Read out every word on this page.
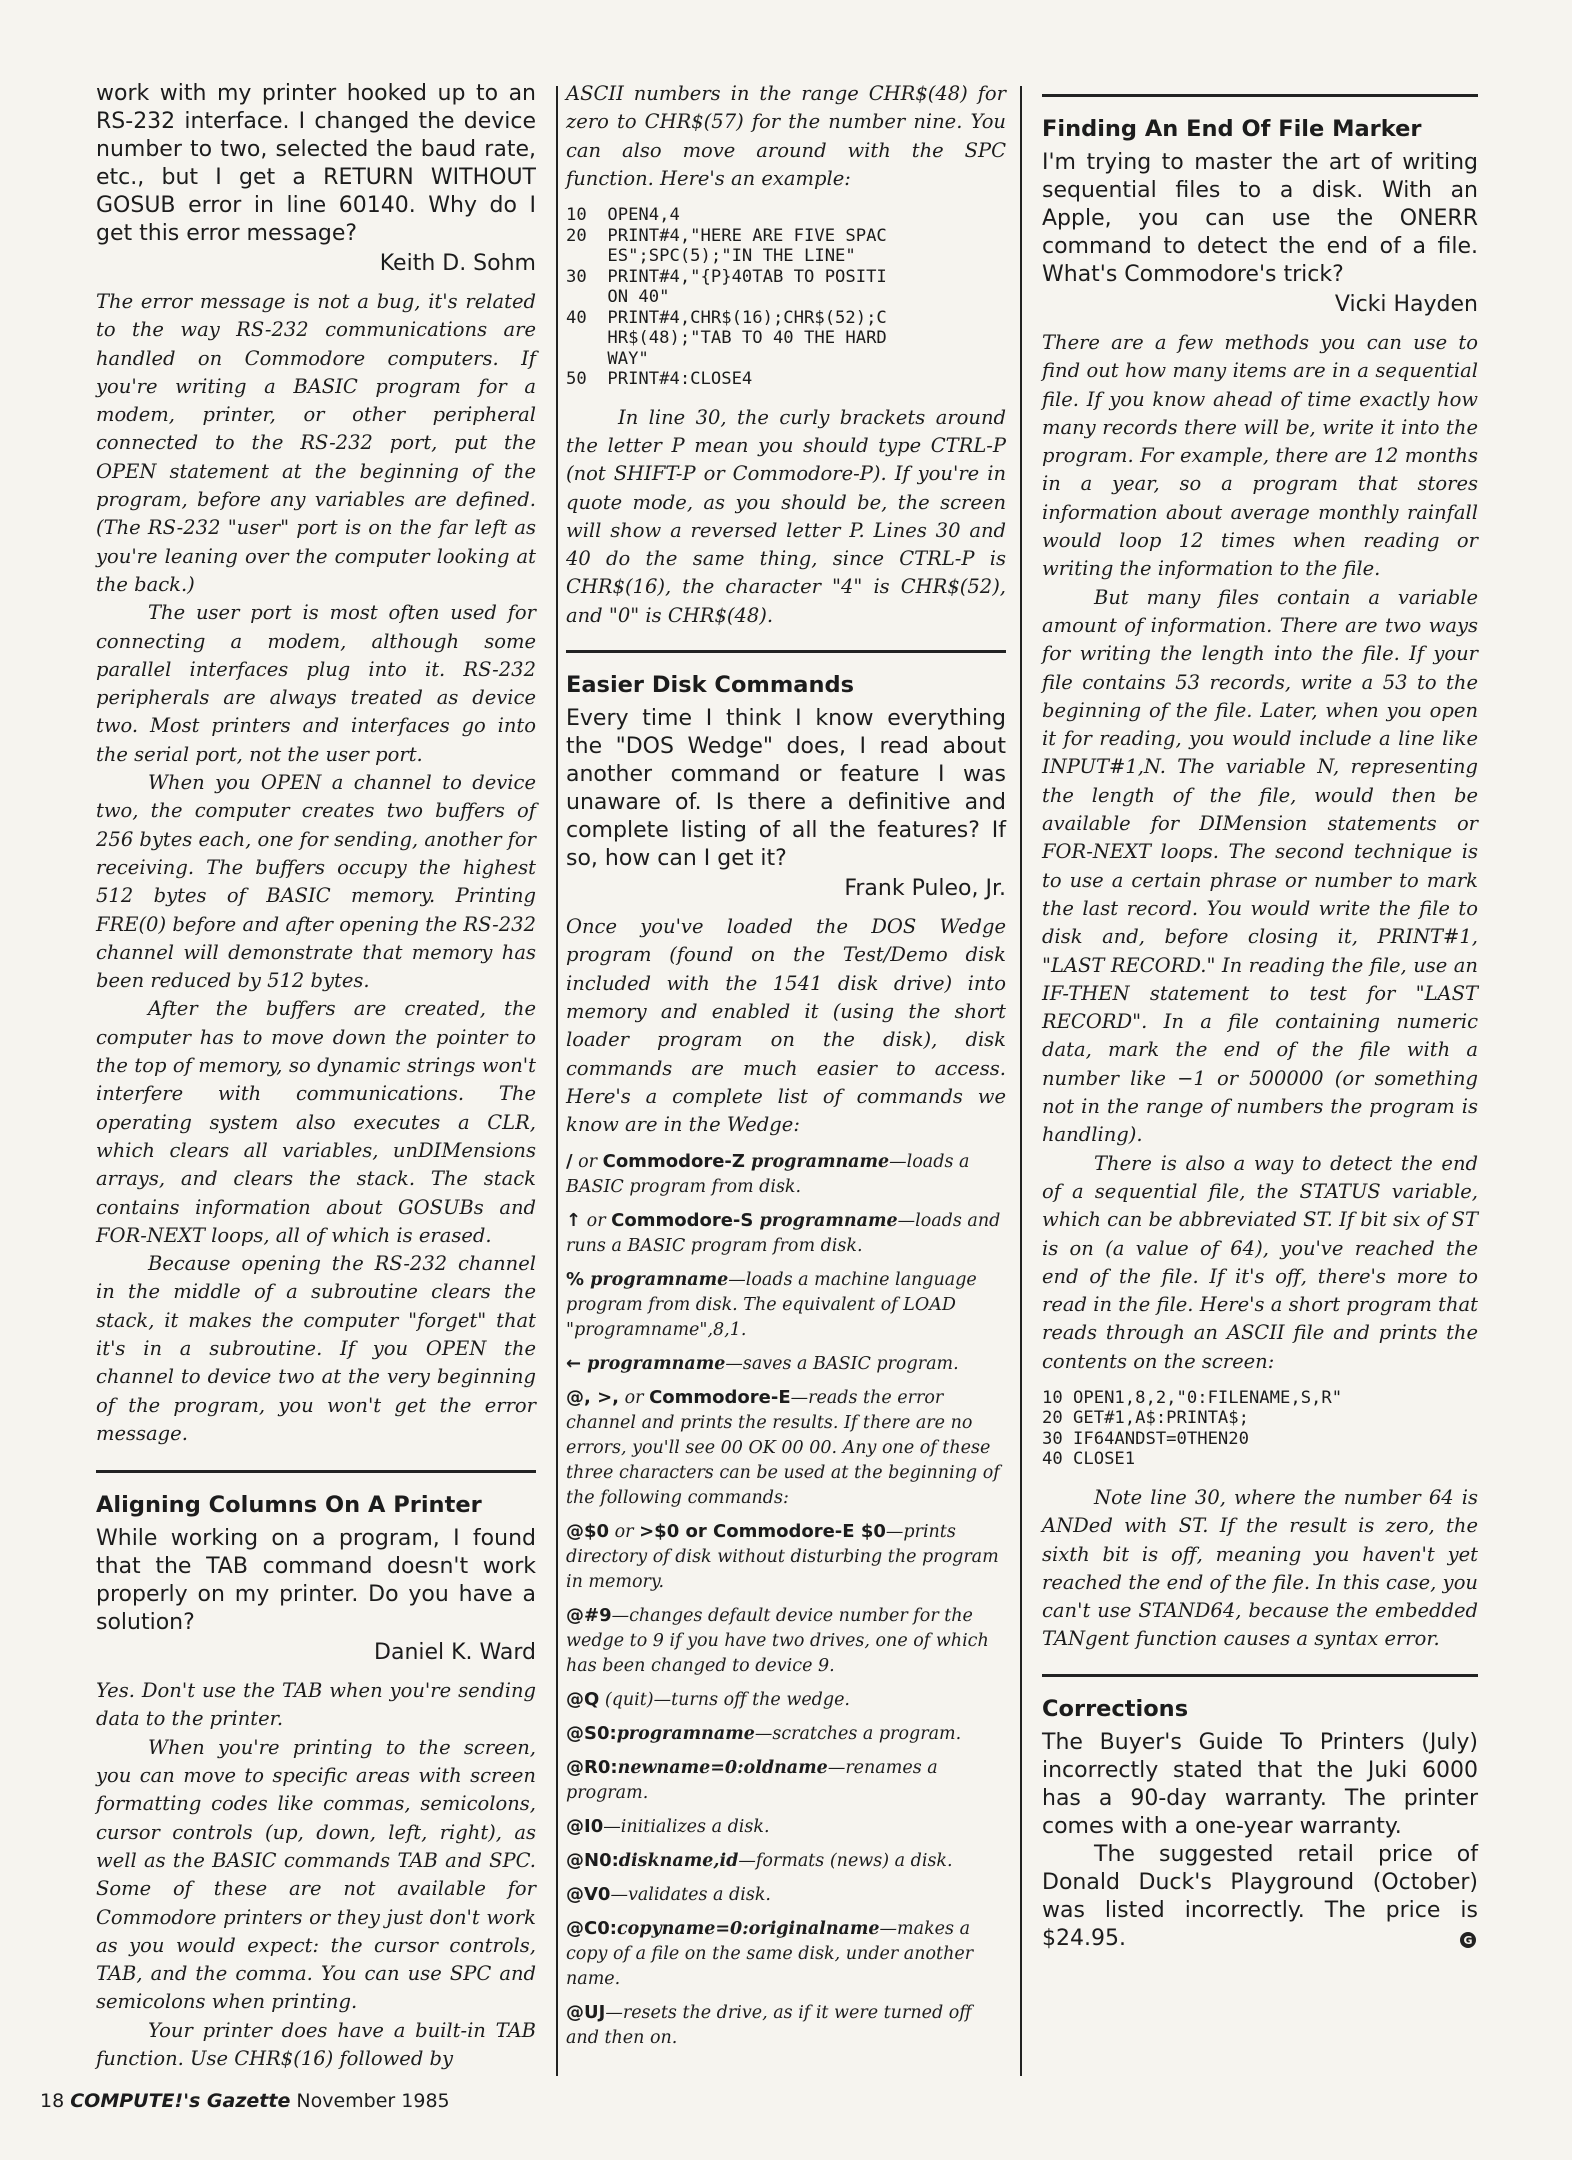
work with my printer hooked up to an RS-232 interface. I changed the device number to two, selected the baud rate, etc., but I get a RETURN WITHOUT GOSUB error in line 60140. Why do I get this error message?

Keith D. Sohm

The error message is not a bug, it's related to the way RS-232 communications are handled on Commodore computers. If you're writing a BASIC program for a modem, printer, or other peripheral connected to the RS-232 port, put the OPEN statement at the beginning of the program, before any variables are defined. (The RS-232 "user" port is on the far left as you're leaning over the computer looking at the back.)

The user port is most often used for connecting a modem, although some parallel interfaces plug into it. RS-232 peripherals are always treated as device two. Most printers and interfaces go into the serial port, not the user port.

When you OPEN a channel to device two, the computer creates two buffers of 256 bytes each, one for sending, another for receiving. The buffers occupy the highest 512 bytes of BASIC memory. Printing FRE(0) before and after opening the RS-232 channel will demonstrate that memory has been reduced by 512 bytes.

After the buffers are created, the computer has to move down the pointer to the top of memory, so dynamic strings won't interfere with communications. The operating system also executes a CLR, which clears all variables, unDIMensions arrays, and clears the stack. The stack contains information about GOSUBs and FOR-NEXT loops, all of which is erased.

Because opening the RS-232 channel in the middle of a subroutine clears the stack, it makes the computer "forget" that it's in a subroutine. If you OPEN the channel to device two at the very beginning of the program, you won't get the error message.

Aligning Columns On A Printer

While working on a program, I found that the TAB command doesn't work properly on my printer. Do you have a solution?

Daniel K. Ward

Yes. Don't use the TAB when you're sending data to the printer.

When you're printing to the screen, you can move to specific areas with screen formatting codes like commas, semicolons, cursor controls (up, down, left, right), as well as the BASIC commands TAB and SPC. Some of these are not available for Commodore printers or they just don't work as you would expect: the cursor controls, TAB, and the comma. You can use SPC and semicolons when printing.

Your printer does have a built-in TAB function. Use CHR$(16) followed by

ASCII numbers in the range CHR$(48) for zero to CHR$(57) for the number nine. You can also move around with the SPC function. Here's an example:

10  OPEN4,4
20  PRINT#4,"HERE ARE FIVE SPAC
ES";SPC(5);"IN THE LINE"
30  PRINT#4,"{P}40TAB TO POSITI
ON 40"
40  PRINT#4,CHR$(16);CHR$(52);C
HR$(48);"TAB TO 40 THE HARD
WAY"
50  PRINT#4:CLOSE4

In line 30, the curly brackets around the letter P mean you should type CTRL-P (not SHIFT-P or Commodore-P). If you're in quote mode, as you should be, the screen will show a reversed letter P. Lines 30 and 40 do the same thing, since CTRL-P is CHR$(16), the character "4" is CHR$(52), and "0" is CHR$(48).

Easier Disk Commands

Every time I think I know everything the "DOS Wedge" does, I read about another command or feature I was unaware of. Is there a definitive and complete listing of all the features? If so, how can I get it?

Frank Puleo, Jr.

Once you've loaded the DOS Wedge program (found on the Test/Demo disk included with the 1541 disk drive) into memory and enabled it (using the short loader program on the disk), disk commands are much easier to access. Here's a complete list of commands we know are in the Wedge:

/ or Commodore-Z programname—loads a BASIC program from disk.

↑ or Commodore-S programname—loads and runs a BASIC program from disk.

% programname—loads a machine language program from disk. The equivalent of LOAD "programname",8,1.

← programname—saves a BASIC program.

@, >, or Commodore-E—reads the error channel and prints the results. If there are no errors, you'll see 00 OK 00 00. Any one of these three characters can be used at the beginning of the following commands:

@$0 or >$0 or Commodore-E $0—prints directory of disk without disturbing the program in memory.

@#9—changes default device number for the wedge to 9 if you have two drives, one of which has been changed to device 9.

@Q (quit)—turns off the wedge.

@S0:programname—scratches a program.

@R0:newname=0:oldname—renames a program.

@I0—initializes a disk.

@N0:diskname,id—formats (news) a disk.

@V0—validates a disk.

@C0:copyname=0:originalname—makes a copy of a file on the same disk, under another name.

@UJ—resets the drive, as if it were turned off and then on.

Finding An End Of File Marker

I'm trying to master the art of writing sequential files to a disk. With an Apple, you can use the ONERR command to detect the end of a file. What's Commodore's trick?

Vicki Hayden

There are a few methods you can use to find out how many items are in a sequential file. If you know ahead of time exactly how many records there will be, write it into the program. For example, there are 12 months in a year, so a program that stores information about average monthly rainfall would loop 12 times when reading or writing the information to the file.

But many files contain a variable amount of information. There are two ways for writing the length into the file. If your file contains 53 records, write a 53 to the beginning of the file. Later, when you open it for reading, you would include a line like INPUT#1,N. The variable N, representing the length of the file, would then be available for DIMension statements or FOR-NEXT loops. The second technique is to use a certain phrase or number to mark the last record. You would write the file to disk and, before closing it, PRINT#1, "LAST RECORD." In reading the file, use an IF-THEN statement to test for "LAST RECORD". In a file containing numeric data, mark the end of the file with a number like −1 or 500000 (or something not in the range of numbers the program is handling).

There is also a way to detect the end of a sequential file, the STATUS variable, which can be abbreviated ST. If bit six of ST is on (a value of 64), you've reached the end of the file. If it's off, there's more to read in the file. Here's a short program that reads through an ASCII file and prints the contents on the screen:

10 OPEN1,8,2,"0:FILENAME,S,R"
20 GET#1,A$:PRINTA$;
30 IF64ANDST=0THEN20
40 CLOSE1

Note line 30, where the number 64 is ANDed with ST. If the result is zero, the sixth bit is off, meaning you haven't yet reached the end of the file. In this case, you can't use STAND64, because the embedded TANgent function causes a syntax error.

Corrections

The Buyer's Guide To Printers (July) incorrectly stated that the Juki 6000 has a 90-day warranty. The printer comes with a one-year warranty.

The suggested retail price of Donald Duck's Playground (October) was listed incorrectly. The price is $24.95.	G

18 COMPUTE!'s Gazette November 1985
